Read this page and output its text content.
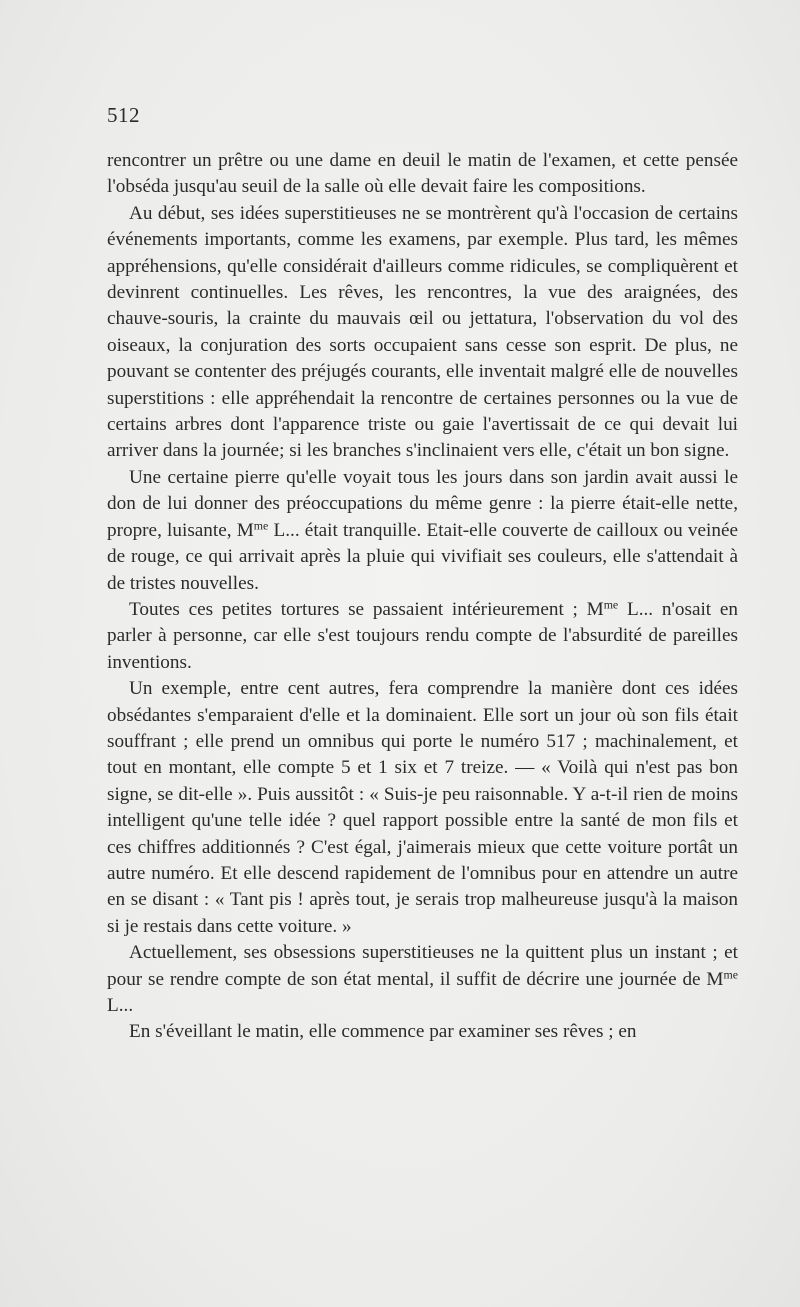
512

rencontrer un prêtre ou une dame en deuil le matin de l'examen, et cette pensée l'obséda jusqu'au seuil de la salle où elle devait faire les compositions.

Au début, ses idées superstitieuses ne se montrèrent qu'à l'occasion de certains événements importants, comme les examens, par exemple. Plus tard, les mêmes appréhensions, qu'elle considérait d'ailleurs comme ridicules, se compliquèrent et devinrent continuelles. Les rêves, les rencontres, la vue des araignées, des chauve-souris, la crainte du mauvais œil ou jettatura, l'observation du vol des oiseaux, la conjuration des sorts occupaient sans cesse son esprit. De plus, ne pouvant se contenter des préjugés courants, elle inventait malgré elle de nouvelles superstitions : elle appréhendait la rencontre de certaines personnes ou la vue de certains arbres dont l'apparence triste ou gaie l'avertissait de ce qui devait lui arriver dans la journée; si les branches s'inclinaient vers elle, c'était un bon signe.

Une certaine pierre qu'elle voyait tous les jours dans son jardin avait aussi le don de lui donner des préoccupations du même genre : la pierre était-elle nette, propre, luisante, $M^{me}$ L... était tranquille. Etait-elle couverte de cailloux ou veinée de rouge, ce qui arrivait après la pluie qui vivifiait ses couleurs, elle s'attendait à de tristes nouvelles.

Toutes ces petites tortures se passaient intérieurement ; $M^{me}$ L... n'osait en parler à personne, car elle s'est toujours rendu compte de l'absurdité de pareilles inventions.

Un exemple, entre cent autres, fera comprendre la manière dont ces idées obsédantes s'emparaient d'elle et la dominaient. Elle sort un jour où son fils était souffrant ; elle prend un omnibus qui porte le numéro 517 ; machinalement, et tout en montant, elle compte 5 et 1 six et 7 treize. — « Voilà qui n'est pas bon signe, se dit-elle ». Puis aussitôt : « Suis-je peu raisonnable. Y a-t-il rien de moins intelligent qu'une telle idée ? quel rapport possible entre la santé de mon fils et ces chiffres additionnés ? C'est égal, j'aimerais mieux que cette voiture portât un autre numéro. Et elle descend rapidement de l'omnibus pour en attendre un autre en se disant : « Tant pis ! après tout, je serais trop malheureuse jusqu'à la maison si je restais dans cette voiture. »

Actuellement, ses obsessions superstitieuses ne la quittent plus un instant ; et pour se rendre compte de son état mental, il suffit de décrire une journée de $M^{me}$ L...

En s'éveillant le matin, elle commence par examiner ses rêves ; en
